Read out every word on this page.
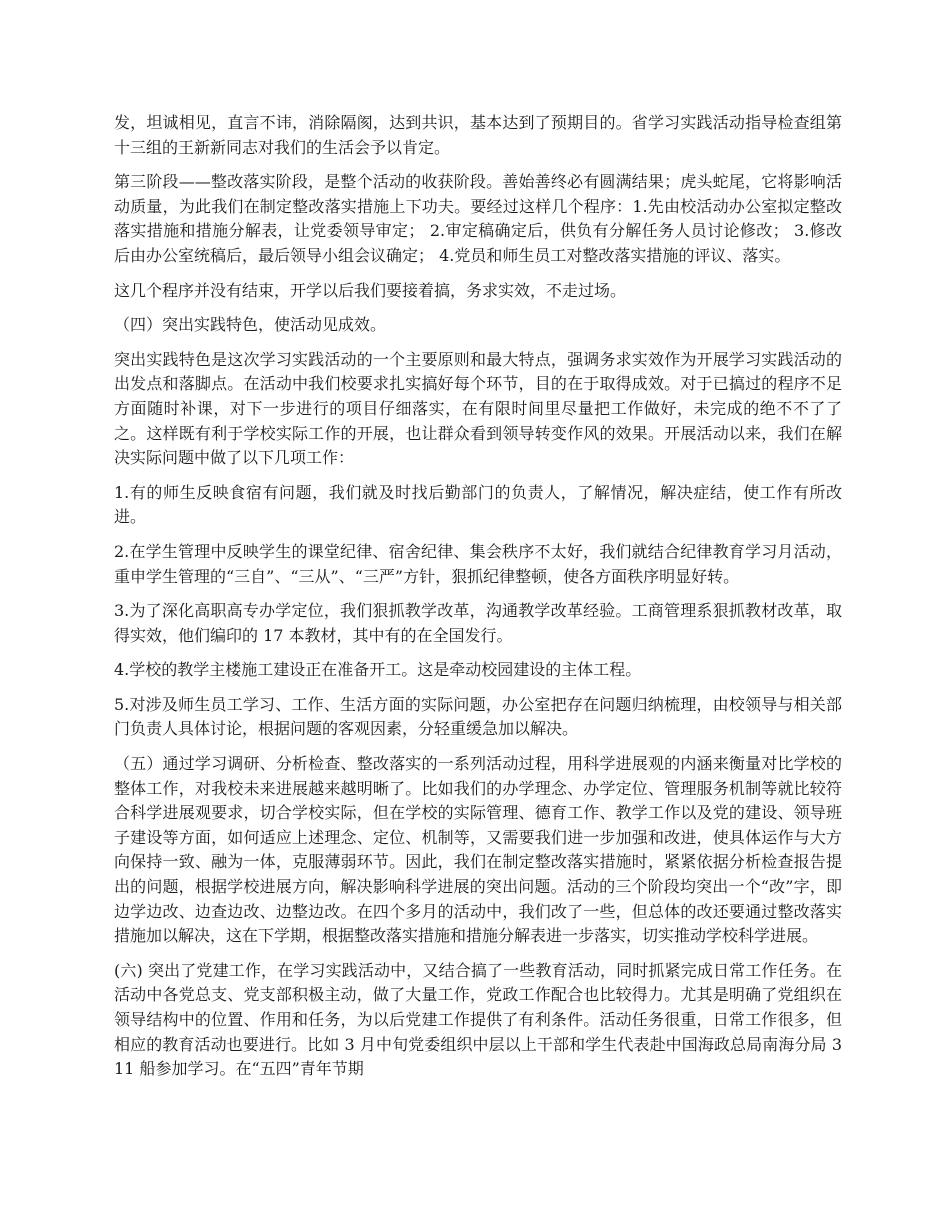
发，坦诚相见，直言不讳，消除隔阂，达到共识，基本达到了预期目的。省学习实践活动指导检查组第十三组的王新新同志对我们的生活会予以肯定。

第三阶段——整改落实阶段，是整个活动的收获阶段。善始善终必有圆满结果；虎头蛇尾，它将影响活动质量，为此我们在制定整改落实措施上下功夫。要经过这样几个程序：1.先由校活动办公室拟定整改落实措施和措施分解表，让党委领导审定； 2.审定稿确定后，供负有分解任务人员讨论修改； 3.修改后由办公室统稿后，最后领导小组会议确定； 4.党员和师生员工对整改落实措施的评议、落实。

这几个程序并没有结束，开学以后我们要接着搞，务求实效，不走过场。

（四）突出实践特色，使活动见成效。

突出实践特色是这次学习实践活动的一个主要原则和最大特点，强调务求实效作为开展学习实践活动的出发点和落脚点。在活动中我们校要求扎实搞好每个环节，目的在于取得成效。对于已搞过的程序不足方面随时补课，对下一步进行的项目仔细落实，在有限时间里尽量把工作做好，未完成的绝不不了了之。这样既有利于学校实际工作的开展，也让群众看到领导转变作风的效果。开展活动以来，我们在解决实际问题中做了以下几项工作：

1.有的师生反映食宿有问题，我们就及时找后勤部门的负责人，了解情况，解决症结，使工作有所改进。

2.在学生管理中反映学生的课堂纪律、宿舍纪律、集会秩序不太好，我们就结合纪律教育学习月活动，重申学生管理的“三自”、“三从”、“三严”方针，狠抓纪律整顿，使各方面秩序明显好转。

3.为了深化高职高专办学定位，我们狠抓教学改革，沟通教学改革经验。工商管理系狠抓教材改革，取得实效，他们编印的 17 本教材，其中有的在全国发行。

4.学校的教学主楼施工建设正在准备开工。这是牵动校园建设的主体工程。

5.对涉及师生员工学习、工作、生活方面的实际问题，办公室把存在问题归纳梳理，由校领导与相关部门负责人具体讨论，根据问题的客观因素，分轻重缓急加以解决。

（五）通过学习调研、分析检查、整改落实的一系列活动过程，用科学进展观的内涵来衡量对比学校的整体工作，对我校未来进展越来越明晰了。比如我们的办学理念、办学定位、管理服务机制等就比较符合科学进展观要求，切合学校实际，但在学校的实际管理、德育工作、教学工作以及党的建设、领导班子建设等方面，如何适应上述理念、定位、机制等，又需要我们进一步加强和改进，使具体运作与大方向保持一致、融为一体，克服薄弱环节。因此，我们在制定整改落实措施时，紧紧依据分析检查报告提出的问题，根据学校进展方向，解决影响科学进展的突出问题。活动的三个阶段均突出一个“改”字，即边学边改、边查边改、边整边改。在四个多月的活动中，我们改了一些，但总体的改还要通过整改落实措施加以解决，这在下学期，根据整改落实措施和措施分解表进一步落实，切实推动学校科学进展。

(六) 突出了党建工作，在学习实践活动中，又结合搞了一些教育活动，同时抓紧完成日常工作任务。在活动中各党总支、党支部积极主动，做了大量工作，党政工作配合也比较得力。尤其是明确了党组织在领导结构中的位置、作用和任务，为以后党建工作提供了有利条件。活动任务很重，日常工作很多，但相应的教育活动也要进行。比如 3 月中旬党委组织中层以上干部和学生代表赴中国海政总局南海分局 311 船参加学习。在“五四”青年节期
